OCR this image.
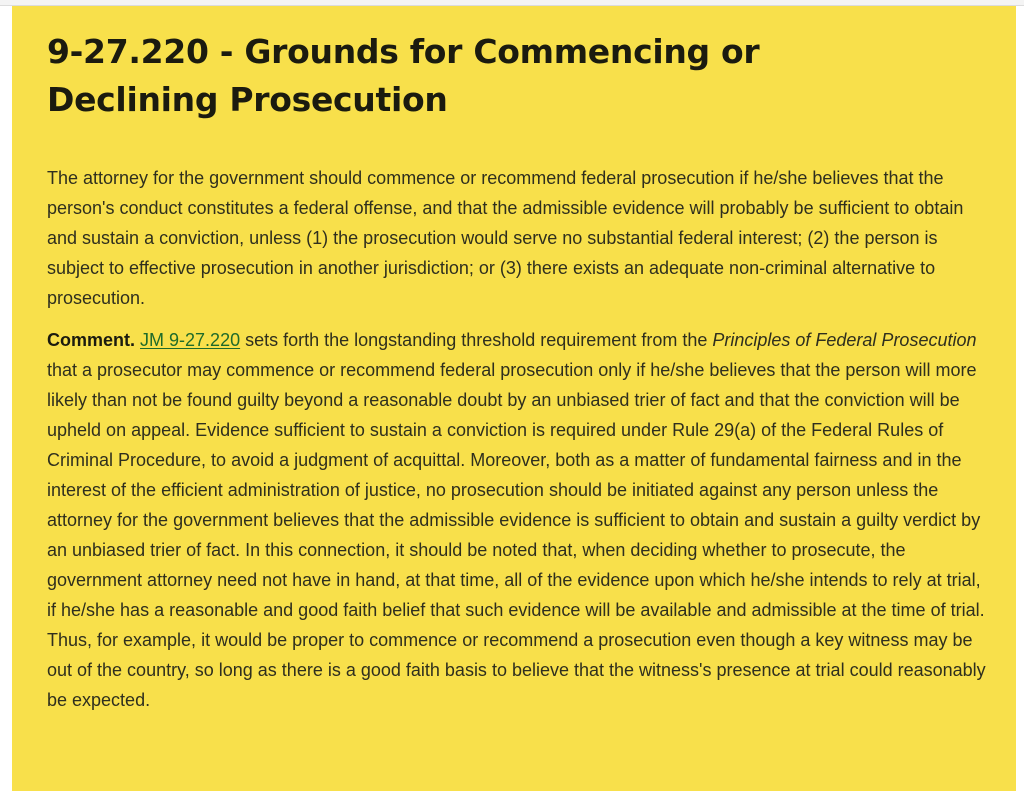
9-27.220 - Grounds for Commencing or Declining Prosecution

The attorney for the government should commence or recommend federal prosecution if he/she believes that the person's conduct constitutes a federal offense, and that the admissible evidence will probably be sufficient to obtain and sustain a conviction, unless (1) the prosecution would serve no substantial federal interest; (2) the person is subject to effective prosecution in another jurisdiction; or (3) there exists an adequate non-criminal alternative to prosecution.

Comment. JM 9-27.220 sets forth the longstanding threshold requirement from the Principles of Federal Prosecution that a prosecutor may commence or recommend federal prosecution only if he/she believes that the person will more likely than not be found guilty beyond a reasonable doubt by an unbiased trier of fact and that the conviction will be upheld on appeal. Evidence sufficient to sustain a conviction is required under Rule 29(a) of the Federal Rules of Criminal Procedure, to avoid a judgment of acquittal. Moreover, both as a matter of fundamental fairness and in the interest of the efficient administration of justice, no prosecution should be initiated against any person unless the attorney for the government believes that the admissible evidence is sufficient to obtain and sustain a guilty verdict by an unbiased trier of fact. In this connection, it should be noted that, when deciding whether to prosecute, the government attorney need not have in hand, at that time, all of the evidence upon which he/she intends to rely at trial, if he/she has a reasonable and good faith belief that such evidence will be available and admissible at the time of trial. Thus, for example, it would be proper to commence or recommend a prosecution even though a key witness may be out of the country, so long as there is a good faith basis to believe that the witness's presence at trial could reasonably be expected.
